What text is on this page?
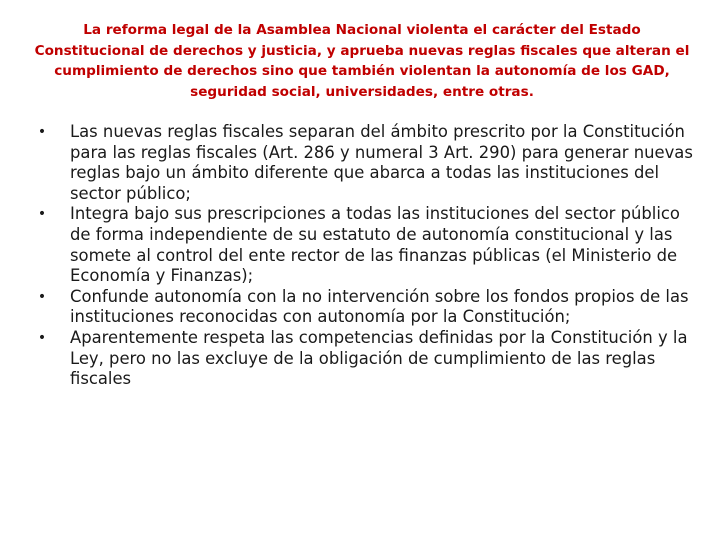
La reforma legal de la Asamblea Nacional violenta el carácter del Estado Constitucional de derechos y justicia, y aprueba nuevas reglas fiscales que alteran el cumplimiento de derechos sino que también violentan la autonomía de los GAD, seguridad social, universidades, entre otras.
•	Las nuevas reglas fiscales separan del ámbito prescrito por la Constitución para las reglas fiscales (Art. 286 y numeral 3 Art. 290) para generar nuevas reglas bajo un ámbito diferente que abarca a todas las instituciones del sector público;
•	Integra bajo sus prescripciones a todas las instituciones del sector público de forma independiente de su estatuto de autonomía constitucional y las somete al control del ente rector de las finanzas públicas (el Ministerio de Economía y Finanzas);
•	Confunde autonomía con la no intervención sobre los fondos propios de las instituciones reconocidas con autonomía por la Constitución;
•	Aparentemente respeta las competencias definidas por la Constitución y la Ley, pero no las excluye de la obligación de cumplimiento de las reglas fiscales
